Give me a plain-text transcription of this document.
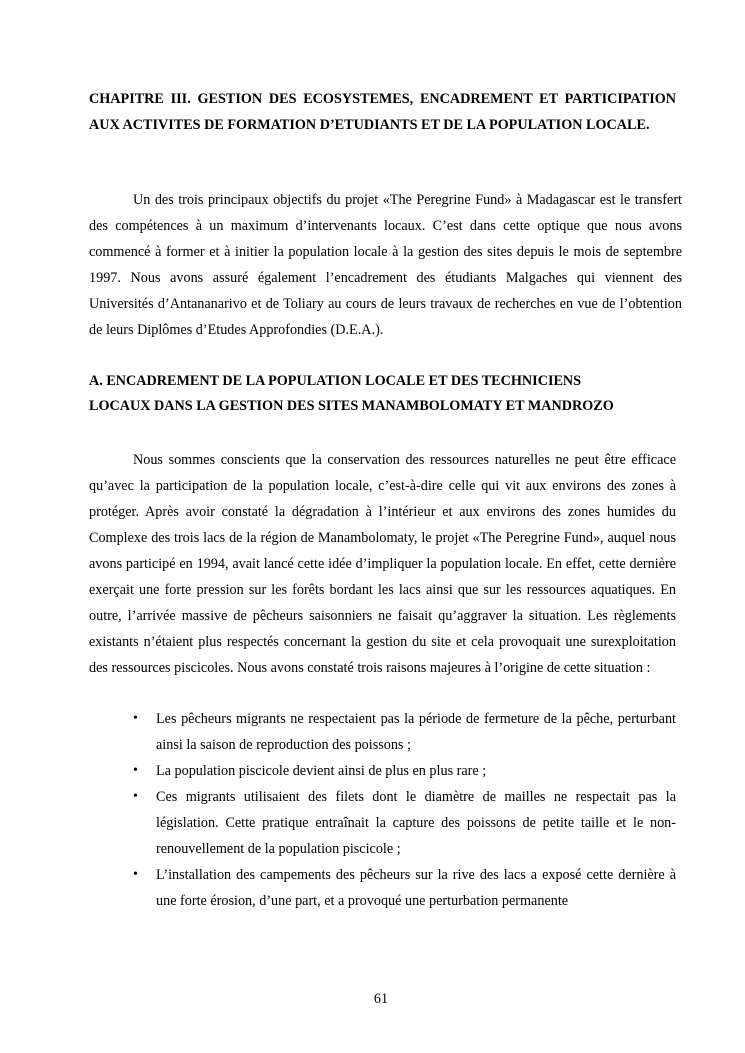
CHAPITRE III. GESTION DES ECOSYSTEMES, ENCADREMENT ET PARTICIPATION AUX ACTIVITES DE FORMATION D’ETUDIANTS ET DE LA POPULATION LOCALE.

Un des trois principaux objectifs du projet «The Peregrine Fund» à Madagascar est le transfert des compétences à un maximum d’intervenants locaux. C’est dans cette optique que nous avons commencé à former et à initier la population locale à la gestion des sites depuis le mois de septembre 1997. Nous avons assuré également l’encadrement des étudiants Malgaches qui viennent des Universités d’Antananarivo et de Toliary au cours de leurs travaux de recherches en vue de l’obtention de leurs Diplômes d’Etudes Approfondies (D.E.A.).

A. ENCADREMENT DE LA POPULATION LOCALE ET DES TECHNICIENS
LOCAUX DANS LA GESTION DES SITES MANAMBOLOMATY ET MANDROZO

Nous sommes conscients que la conservation des ressources naturelles ne peut être efficace qu’avec la participation de la population locale, c’est-à-dire celle qui vit aux environs des zones à protéger. Après avoir constaté la dégradation à l’intérieur et aux environs des zones humides du Complexe des trois lacs de la région de Manambolomaty, le projet «The Peregrine Fund», auquel nous avons participé en 1994, avait lancé cette idée d’impliquer la population locale. En effet, cette dernière exerçait une forte pression sur les forêts bordant les lacs ainsi que sur les ressources aquatiques. En outre, l’arrivée massive de pêcheurs saisonniers ne faisait qu’aggraver la situation. Les règlements existants n’étaient plus respectés concernant la gestion du site et cela provoquait une surexploitation des ressources piscicoles. Nous avons constaté trois raisons majeures à l’origine de cette situation :

• Les pêcheurs migrants ne respectaient pas la période de fermeture de la pêche, perturbant ainsi la saison de reproduction des poissons ;
• La population piscicole devient ainsi de plus en plus rare ;
• Ces migrants utilisaient des filets dont le diamètre de mailles ne respectait pas la législation. Cette pratique entraînait la capture des poissons de petite taille et le non-renouvellement de la population piscicole ;
• L’installation des campements des pêcheurs sur la rive des lacs a exposé cette dernière à une forte érosion, d’une part, et a provoqué une perturbation permanente

61
